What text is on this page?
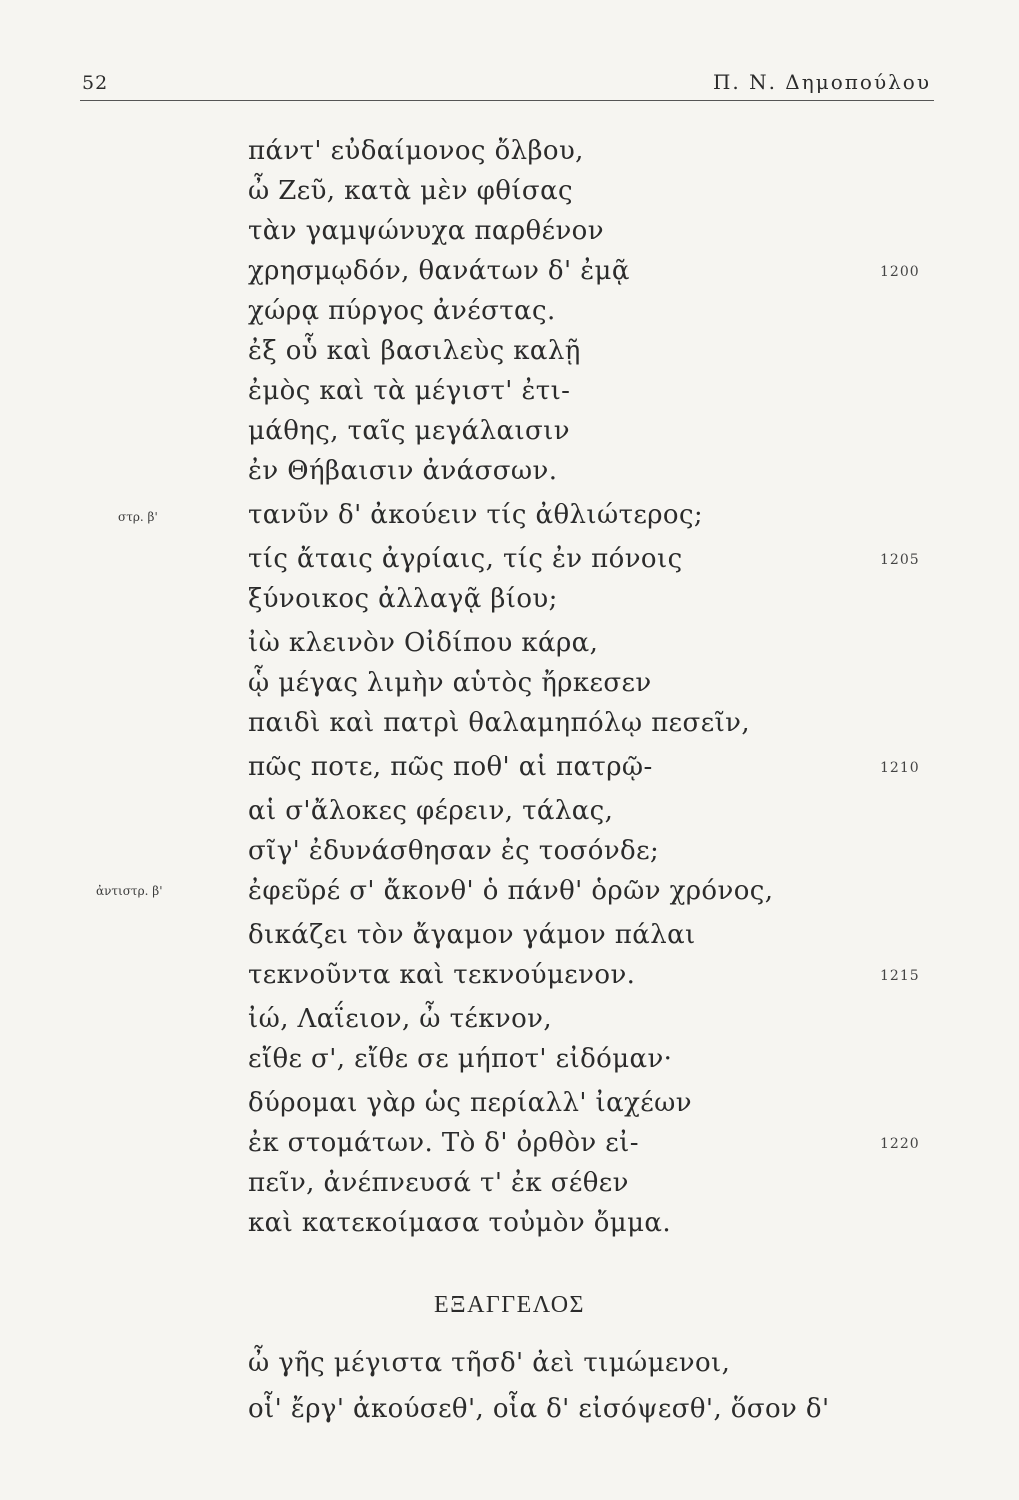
52	Π. Ν. Δημοπούλου
πάντ' εὐδαίμονος ὄλβου,
ὦ Ζεῦ, κατὰ μὲν φθίσας
τὰν γαμψώνυχα παρθένον
χρησμῳδόν, θανάτων δ' ἐμᾷ
χώρᾳ πύργος ἀνέστας.
ἐξ οὗ καὶ βασιλεὺς καλῇ
ἐμὸς καὶ τὰ μέγιστ' ἐτι-
μάθης, ταῖς μεγάλαισιν
ἐν Θήβαισιν ἀνάσσων.
τανῦν δ' ἀκούειν τίς ἀθλιώτερος;
τίς ἄταις ἀγρίαις, τίς ἐν πόνοις
ξύνοικος ἀλλαγᾷ βίου;
ἰὼ κλεινὸν Οἰδίπου κάρα,
ᾧ μέγας λιμὴν αὑτὸς ἤρκεσεν
παιδὶ καὶ πατρὶ θαλαμηπόλῳ πεσεῖν,
πῶς ποτε, πῶς ποθ' αἱ πατρῷ-
αἱ σ'ἄλοκες φέρειν, τάλας,
σῖγ' ἐδυνάσθησαν ἐς τοσόνδε;
ἐφεῦρέ σ' ἄκονθ' ὁ πάνθ' ὁρῶν χρόνος,
δικάζει τὸν ἄγαμον γάμον πάλαι
τεκνοῦντα καὶ τεκνούμενον.
ἰώ, Λαΐειον, ὦ τέκνον,
εἴθε σ', εἴθε σε μήποτ' εἰδόμαν·
δύρομαι γὰρ ὡς περίαλλ' ἰαχέων
ἐκ στομάτων. Τὸ δ' ὀρθὸν εἰ-
πεῖν, ἀνέπνευσά τ' ἐκ σέθεν
καὶ κατεκοίμασα τοὐμὸν ὄμμα.
στρ. β'
ἀντιστρ. β'
1200
1205
1210
1215
1220
ΕΞΑΓΓΕΛΟΣ
ὦ γῆς μέγιστα τῆσδ' ἀεὶ τιμώμενοι,
οἷ' ἔργ' ἀκούσεθ', οἷα δ' εἰσόψεσθ', ὅσον δ'
